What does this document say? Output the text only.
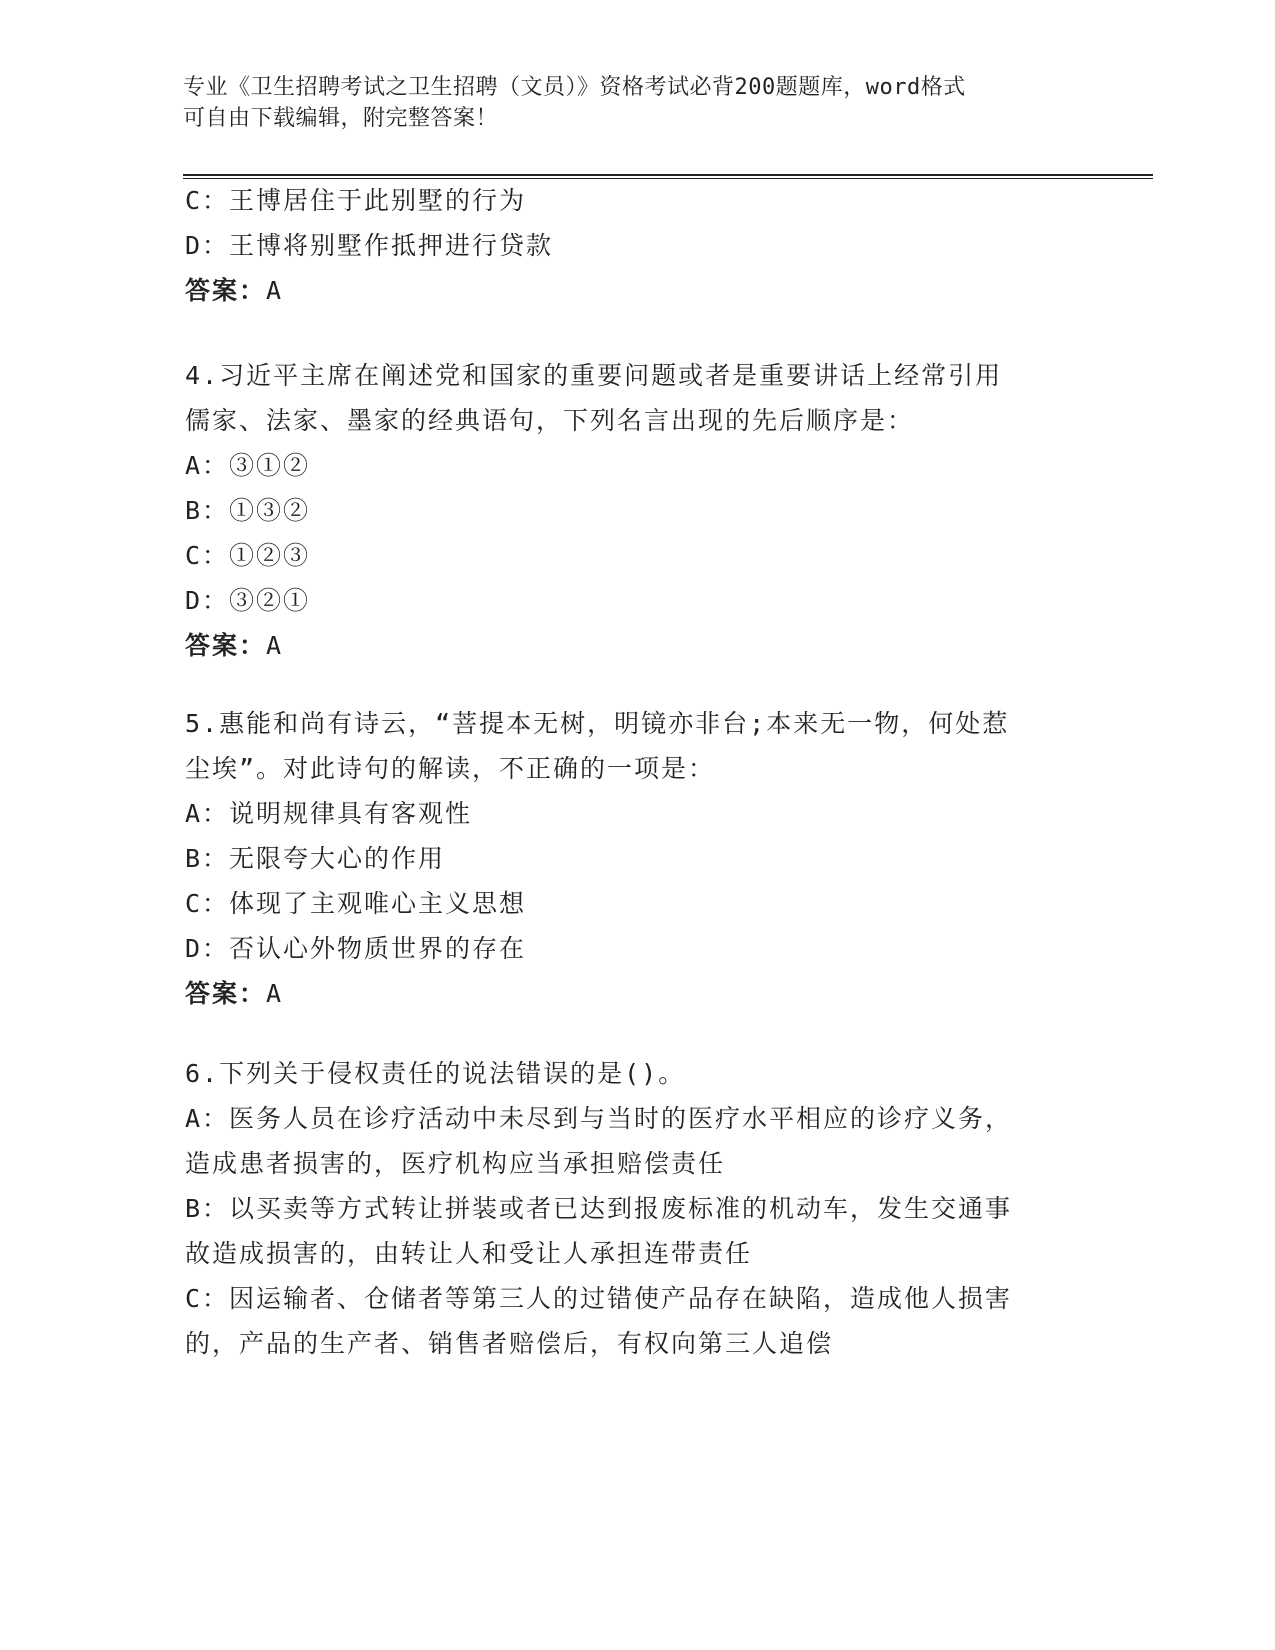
专业《卫生招聘考试之卫生招聘（文员）》资格考试必背200题题库，word格式
可自由下载编辑，附完整答案！
C：王博居住于此别墅的行为
D：王博将别墅作抵押进行贷款
答案：A
4.习近平主席在阐述党和国家的重要问题或者是重要讲话上经常引用
儒家、法家、墨家的经典语句，下列名言出现的先后顺序是：
A：③①②
B：①③②
C：①②③
D：③②①
答案：A
5.惠能和尚有诗云，“菩提本无树，明镜亦非台;本来无一物，何处惹
尘埃”。对此诗句的解读，不正确的一项是：
A：说明规律具有客观性
B：无限夸大心的作用
C：体现了主观唯心主义思想
D：否认心外物质世界的存在
答案：A
6.下列关于侵权责任的说法错误的是()。
A：医务人员在诊疗活动中未尽到与当时的医疗水平相应的诊疗义务，
造成患者损害的，医疗机构应当承担赔偿责任
B：以买卖等方式转让拼装或者已达到报废标准的机动车，发生交通事
故造成损害的，由转让人和受让人承担连带责任
C：因运输者、仓储者等第三人的过错使产品存在缺陷，造成他人损害
的，产品的生产者、销售者赔偿后，有权向第三人追偿
